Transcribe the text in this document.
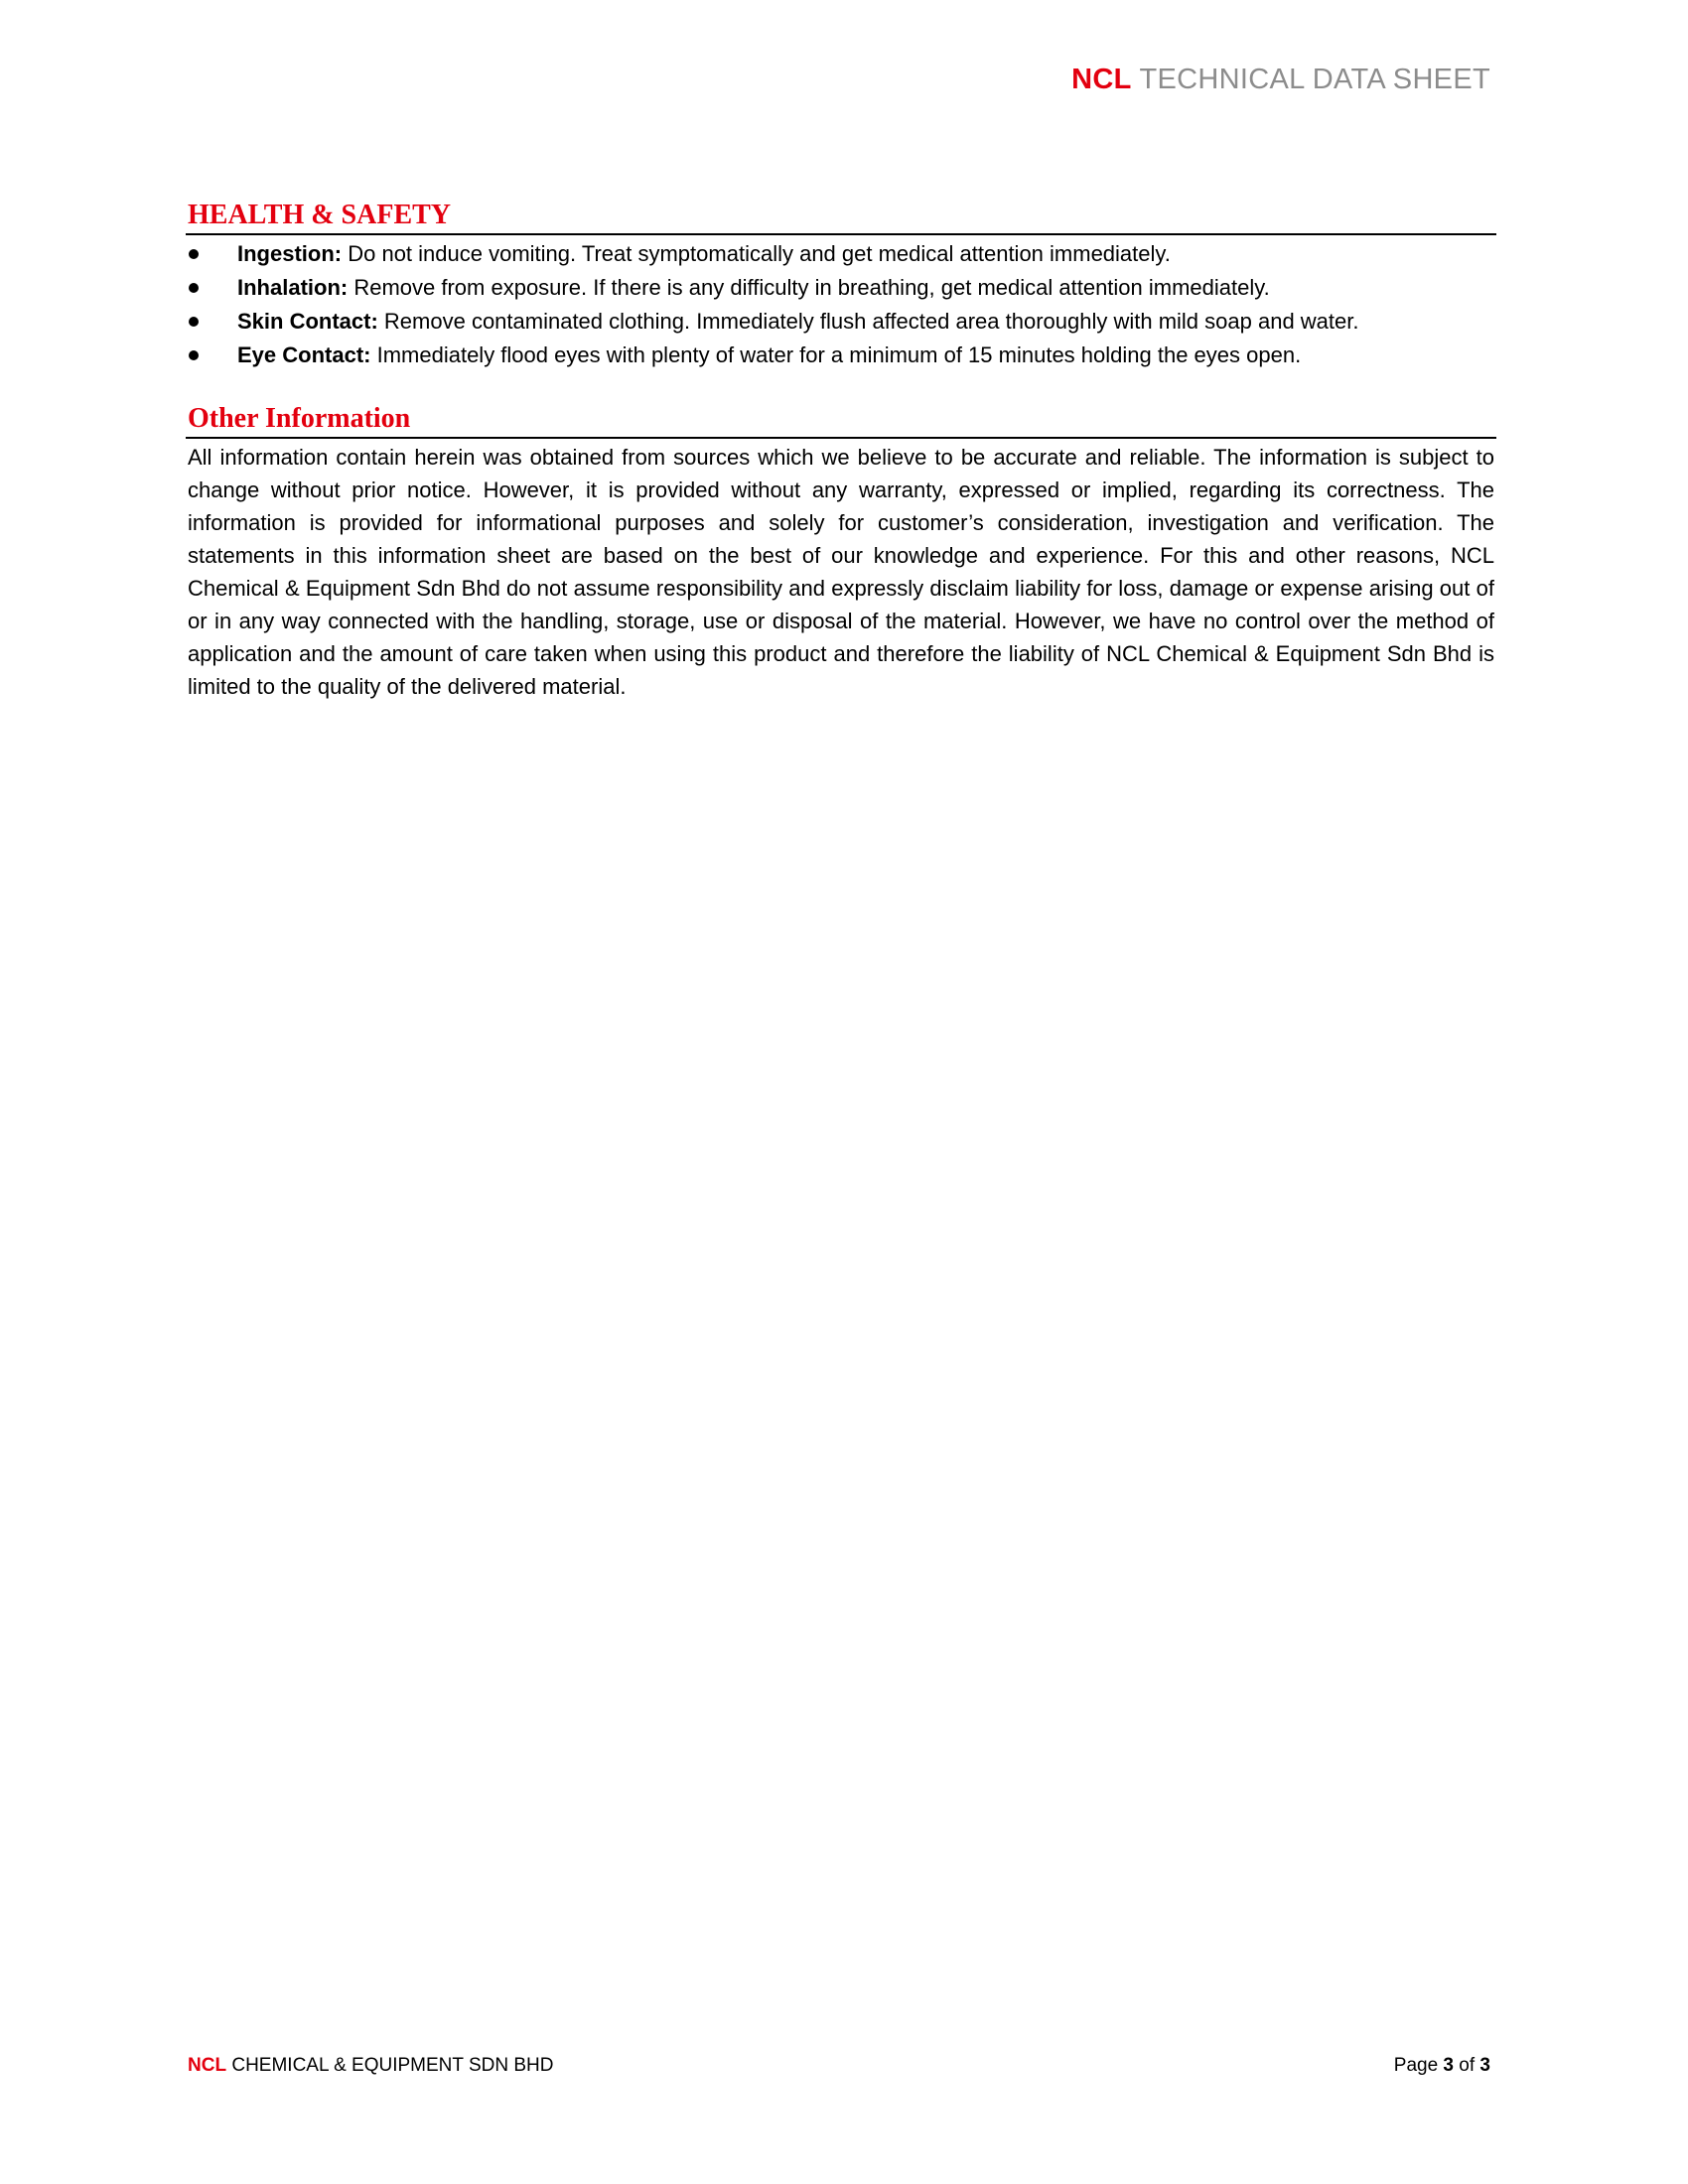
NCL TECHNICAL DATA SHEET
HEALTH & SAFETY
Ingestion: Do not induce vomiting. Treat symptomatically and get medical attention immediately.
Inhalation: Remove from exposure. If there is any difficulty in breathing, get medical attention immediately.
Skin Contact: Remove contaminated clothing. Immediately flush affected area thoroughly with mild soap and water.
Eye Contact: Immediately flood eyes with plenty of water for a minimum of 15 minutes holding the eyes open.
Other Information

All information contain herein was obtained from sources which we believe to be accurate and reliable. The information is subject to change without prior notice. However, it is provided without any warranty, expressed or implied, regarding its correctness. The information is provided for informational purposes and solely for customer’s consideration, investigation and verification. The statements in this information sheet are based on the best of our knowledge and experience. For this and other reasons, NCL Chemical & Equipment Sdn Bhd do not assume responsibility and expressly disclaim liability for loss, damage or expense arising out of or in any way connected with the handling, storage, use or disposal of the material. However, we have no control over the method of application and the amount of care taken when using this product and therefore the liability of NCL Chemical & Equipment Sdn Bhd is limited to the quality of the delivered material.

NCL CHEMICAL & EQUIPMENT SDN BHD	Page 3 of 3
